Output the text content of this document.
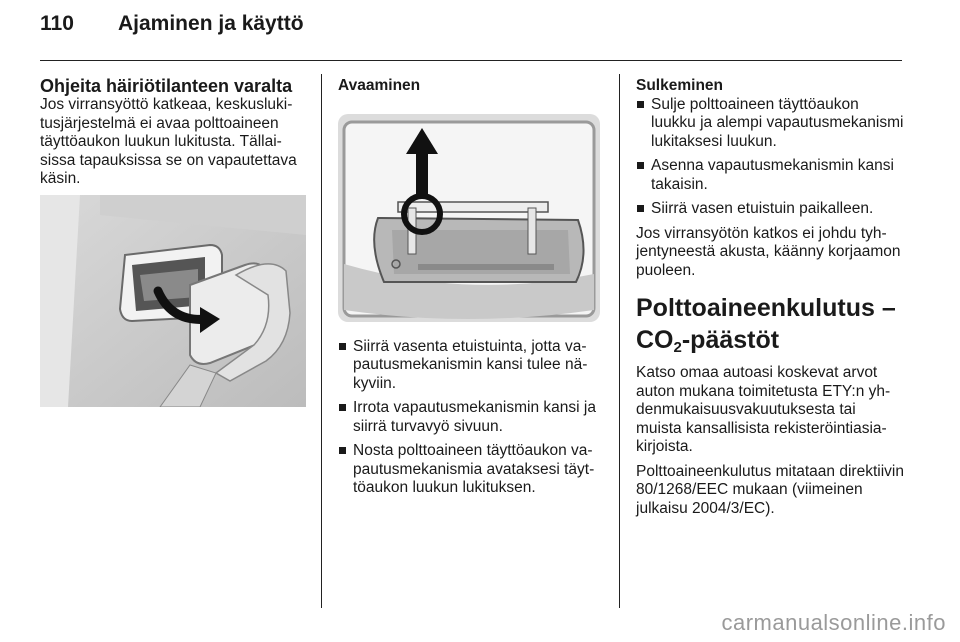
110 Ajaminen ja käyttö
Ohjeita häiriötilanteen varalta

Jos virransyöttö katkeaa, keskuslukitusjärjestelmä ei avaa polttoaineen täyttöaukon luukun lukitusta. Tällaisissa tapauksissa se on vapautettava käsin.

Avaaminen
Siirrä vasenta etuistuinta, jotta vapautusmekanismin kansi tulee näkyviin.
Irrota vapautusmekanismin kansi ja siirrä turvavyö sivuun.
Nosta polttoaineen täyttöaukon vapautusmekanismia avataksesi täyttöaukon luukun lukituksen.
Sulkeminen
Sulje polttoaineen täyttöaukon luukku ja alempi vapautusmekanismi lukitaksesi luukun.
Asenna vapautusmekanismin kansi takaisin.
Siirrä vasen etuistuin paikalleen.

Jos virransyötön katkos ei johdu tyhjentyneestä akusta, käänny korjaamon puoleen.

Polttoaineenkulutus –
$CO_2$-päästöt

Katso omaa autoasi koskevat arvot auton mukana toimitetusta ETY:n yhdenmukaisuusvakuutuksesta tai muista kansallisista rekisteröintiasiakirjoista.

Polttoaineenkulutus mitataan direktiivin 80/1268/EEC mukaan (viimeinen julkaisu 2004/3/EC).

carmanualsonline.info
